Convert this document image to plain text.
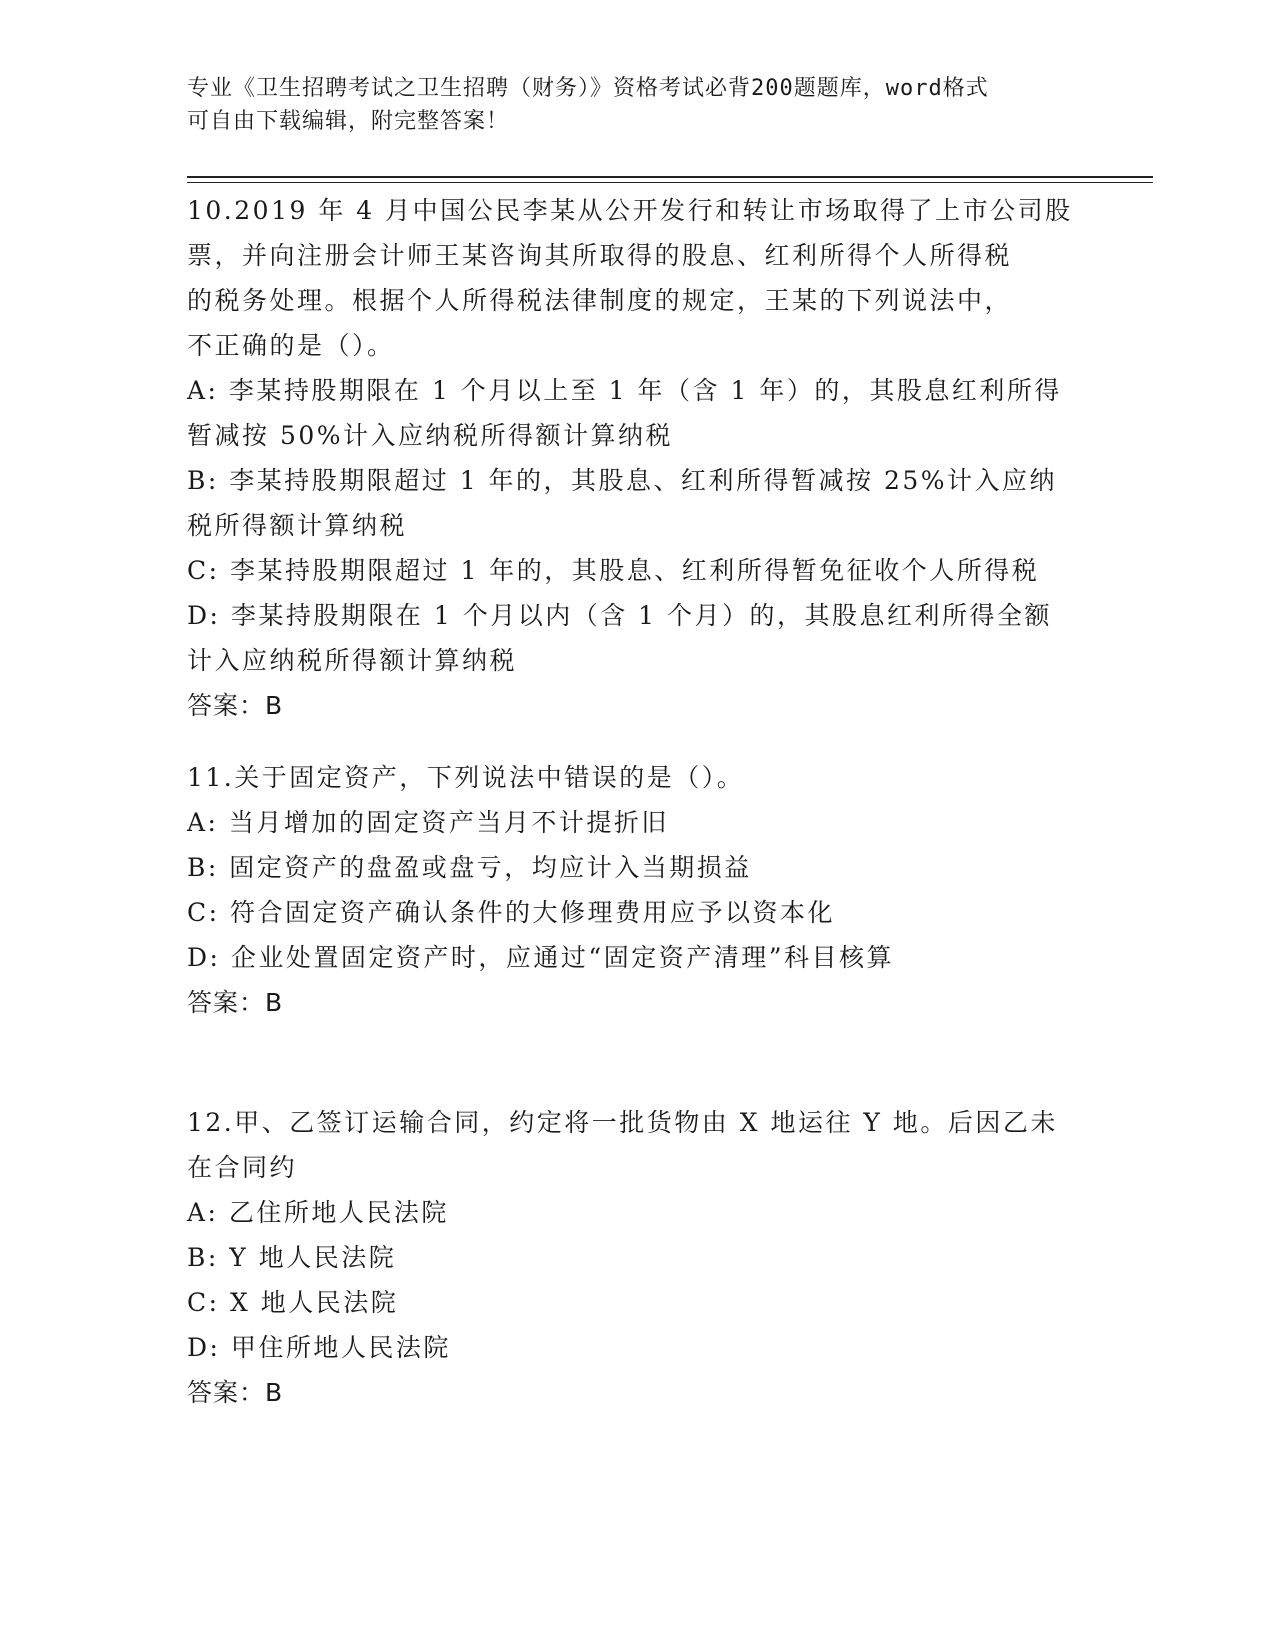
专业《卫生招聘考试之卫生招聘（财务）》资格考试必背200题题库，word格式

可自由下载编辑，附完整答案！

10.2019 年 4 月中国公民李某从公开发行和转让市场取得了上市公司股

票，并向注册会计师王某咨询其所取得的股息、红利所得个人所得税

的税务处理。根据个人所得税法律制度的规定，王某的下列说法中，

不正确的是（）。

A: 李某持股期限在 1 个月以上至 1 年（含 1 年）的，其股息红利所得

暂减按 50%计入应纳税所得额计算纳税

B: 李某持股期限超过 1 年的，其股息、红利所得暂减按 25%计入应纳

税所得额计算纳税

C: 李某持股期限超过 1 年的，其股息、红利所得暂免征收个人所得税

D: 李某持股期限在 1 个月以内（含 1 个月）的，其股息红利所得全额

计入应纳税所得额计算纳税

答案：B

11.关于固定资产，下列说法中错误的是（）。

A: 当月增加的固定资产当月不计提折旧

B: 固定资产的盘盈或盘亏，均应计入当期损益

C: 符合固定资产确认条件的大修理费用应予以资本化

D: 企业处置固定资产时，应通过“固定资产清理”科目核算

答案：B

12.甲、乙签订运输合同，约定将一批货物由 X 地运往 Y 地。后因乙未

在合同约

A: 乙住所地人民法院

B: Y 地人民法院

C: X 地人民法院

D: 甲住所地人民法院

答案：B
